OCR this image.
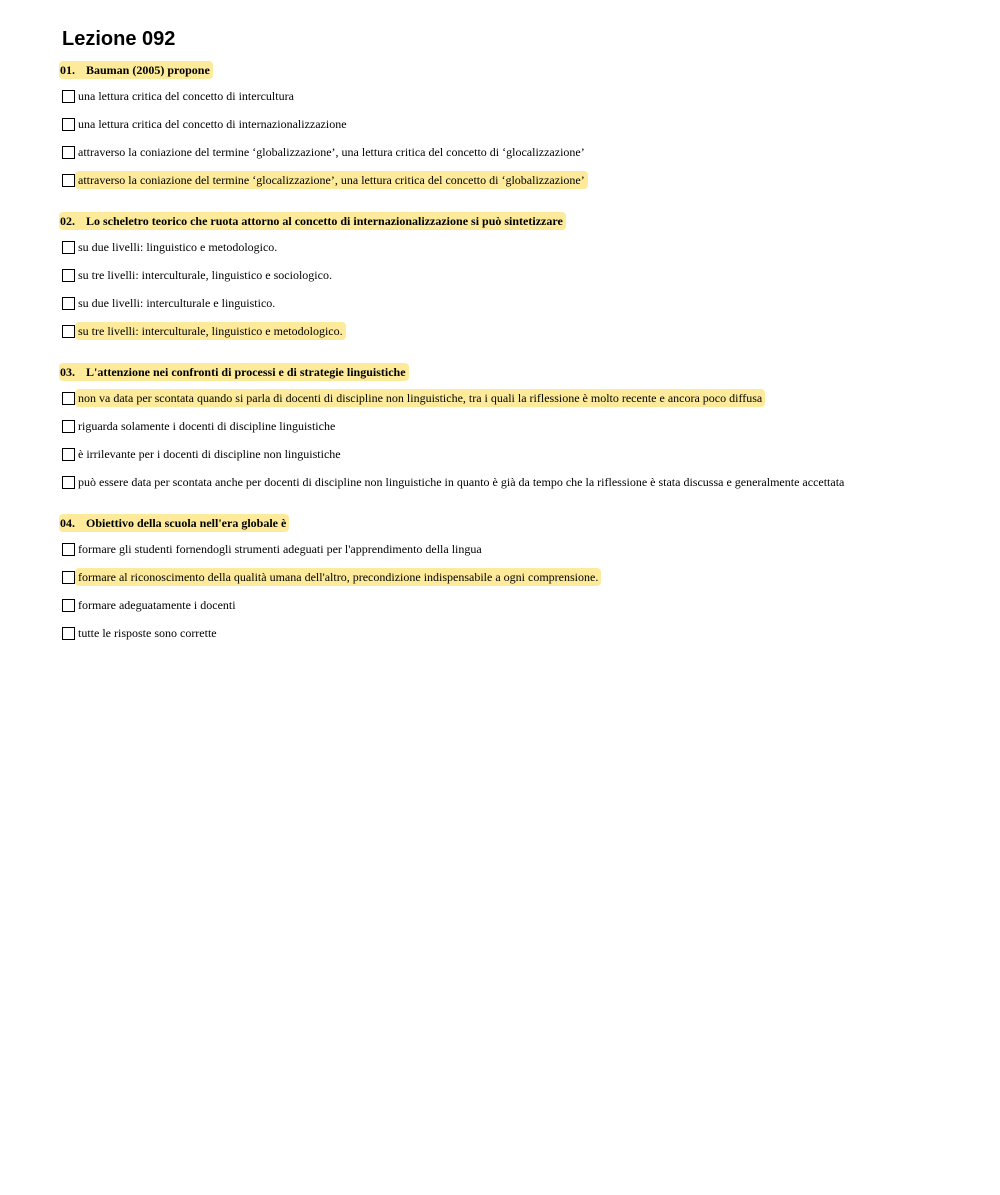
Lezione 092
01. Bauman (2005) propone
una lettura critica del concetto di intercultura
una lettura critica del concetto di internazionalizzazione
attraverso la coniazione del termine ‘globalizzazione’, una lettura critica del concetto di ‘glocalizzazione’
attraverso la coniazione del termine ‘glocalizzazione’, una lettura critica del concetto di ‘globalizzazione’
02. Lo scheletro teorico che ruota attorno al concetto di internazionalizzazione si può sintetizzare
su due livelli: linguistico e metodologico.
su tre livelli: interculturale, linguistico e sociologico.
su due livelli: interculturale e linguistico.
su tre livelli: interculturale, linguistico e metodologico.
03. L'attenzione nei confronti di processi e di strategie linguistiche
non va data per scontata quando si parla di docenti di discipline non linguistiche, tra i quali la riflessione è molto recente e ancora poco diffusa
riguarda solamente i docenti di discipline linguistiche
è irrilevante per i docenti di discipline non linguistiche
può essere data per scontata anche per docenti di discipline non linguistiche in quanto è già da tempo che la riflessione è stata discussa e generalmente accettata
04. Obiettivo della scuola nell'era globale è
formare gli studenti fornendogli strumenti adeguati per l'apprendimento della lingua
formare al riconoscimento della qualità umana dell'altro, precondizione indispensabile a ogni comprensione.
formare adeguatamente i docenti
tutte le risposte sono corrette
